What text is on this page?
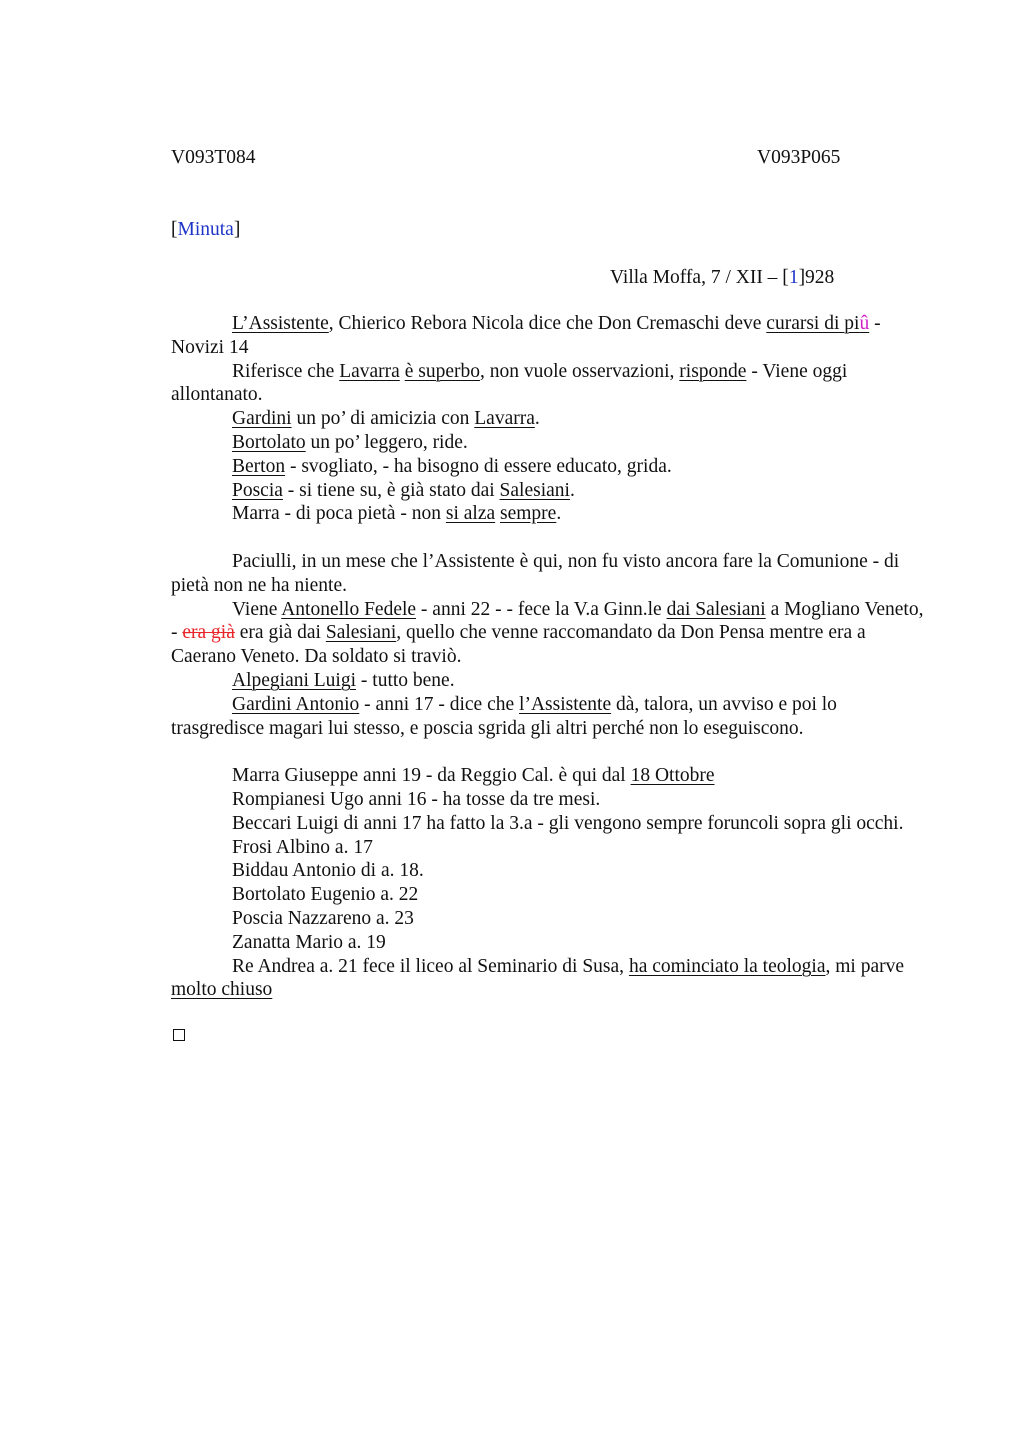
V093T084	V093P065
[Minuta]
Villa Moffa, 7 / XII – [1]928

L’Assistente, Chierico Rebora Nicola dice che Don Cremaschi deve curarsi di piû - Novizi 14

Riferisce che Lavarra è superbo, non vuole osservazioni, risponde - Viene oggi allontanato.

Gardini un po’ di amicizia con Lavarra.

Bortolato un po’ leggero, ride.

Berton - svogliato, - ha bisogno di essere educato, grida.

Poscia - si tiene su, è già stato dai Salesiani.

Marra - di poca pietà - non si alza sempre.

Paciulli, in un mese che l’Assistente è qui, non fu visto ancora fare la Comunione - di pietà non ne ha niente.

Viene Antonello Fedele - anni 22 - - fece la V.a Ginn.le dai Salesiani a Mogliano Veneto, - era già era già dai Salesiani, quello che venne raccomandato da Don Pensa mentre era a Caerano Veneto. Da soldato si traviò.

Alpegiani Luigi - tutto bene.

Gardini Antonio - anni 17 - dice che l’Assistente dà, talora, un avviso e poi lo trasgredisce magari lui stesso, e poscia sgrida gli altri perché non lo eseguiscono.

Marra Giuseppe anni 19 - da Reggio Cal. è qui dal 18 Ottobre

Rompianesi Ugo anni 16 - ha tosse da tre mesi.

Beccari Luigi di anni 17 ha fatto la 3.a - gli vengono sempre foruncoli sopra gli occhi.

Frosi Albino a. 17

Biddau Antonio di a. 18.

Bortolato Eugenio a. 22

Poscia Nazzareno a. 23

Zanatta Mario a. 19

Re Andrea a. 21 fece il liceo al Seminario di Susa, ha cominciato la teologia, mi parve molto chiuso
